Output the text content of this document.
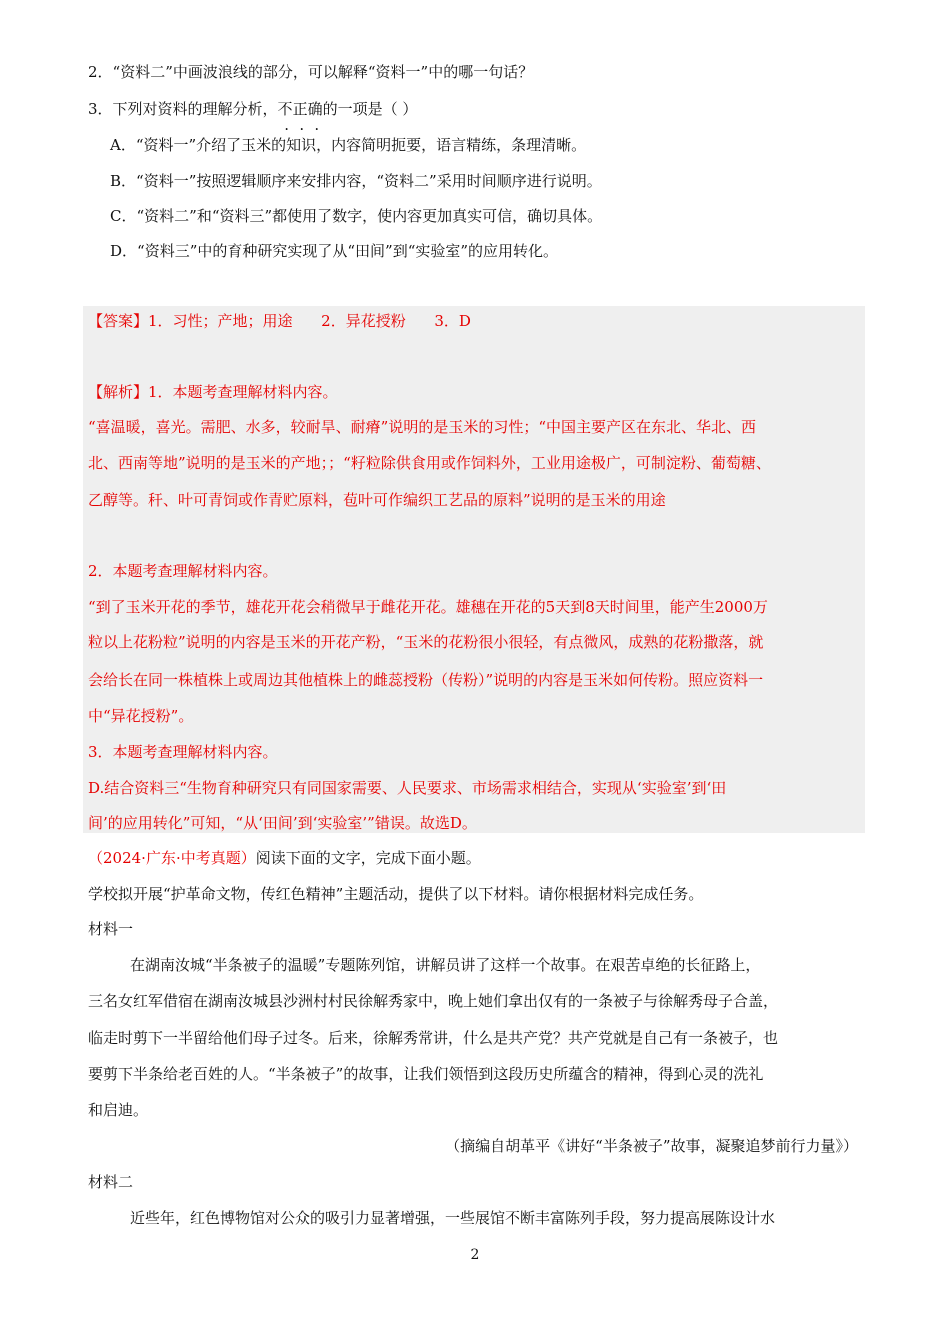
2．“资料二”中画波浪线的部分，可以解释“资料一”中的哪一句话？
3．下列对资料的理解分析，不正确的一项是（ ）
A．“资料一”介绍了玉米的知识，内容简明扼要，语言精练，条理清晰。
B．“资料一”按照逻辑顺序来安排内容，“资料二”采用时间顺序进行说明。
C．“资料二”和“资料三”都使用了数字，使内容更加真实可信，确切具体。
D．“资料三”中的育种研究实现了从“田间”到“实验室”的应用转化。
【答案】1．习性；产地；用途      2．异花授粉      3．D
【解析】1．本题考查理解材料内容。
“喜温暖，喜光。需肥、水多，较耐旱、耐瘠”说明的是玉米的习性；“中国主要产区在东北、华北、西
北、西南等地”说明的是玉米的产地；；“籽粒除供食用或作饲料外，工业用途极广，可制淀粉、葡萄糖、
乙醇等。秆、叶可青饲或作青贮原料，苞叶可作编织工艺品的原料”说明的是玉米的用途
2．本题考查理解材料内容。
“到了玉米开花的季节，雄花开花会稍微早于雌花开花。雄穗在开花的5天到8天时间里，能产生2000万
粒以上花粉粒”说明的内容是玉米的开花产粉，“玉米的花粉很小很轻，有点微风，成熟的花粉撒落，就
会给长在同一株植株上或周边其他植株上的雌蕊授粉（传粉）”说明的内容是玉米如何传粉。照应资料一
中“异花授粉”。
3．本题考查理解材料内容。
D.结合资料三“生物育种研究只有同国家需要、人民要求、市场需求相结合，实现从‘实验室’到‘田
间’的应用转化”可知，“从‘田间’到‘实验室’”错误。故选D。
（2024·广东·中考真题）阅读下面的文字，完成下面小题。
学校拟开展“护革命文物，传红色精神”主题活动，提供了以下材料。请你根据材料完成任务。
材料一
在湖南汝城“半条被子的温暖”专题陈列馆，讲解员讲了这样一个故事。在艰苦卓绝的长征路上，
三名女红军借宿在湖南汝城县沙洲村村民徐解秀家中，晚上她们拿出仅有的一条被子与徐解秀母子合盖，
临走时剪下一半留给他们母子过冬。后来，徐解秀常讲，什么是共产党？共产党就是自己有一条被子，也
要剪下半条给老百姓的人。“半条被子”的故事，让我们领悟到这段历史所蕴含的精神，得到心灵的洗礼
和启迪。
（摘编自胡革平《讲好“半条被子”故事，凝聚追梦前行力量》）
材料二
近些年，红色博物馆对公众的吸引力显著增强，一些展馆不断丰富陈列手段，努力提高展陈设计水
2
